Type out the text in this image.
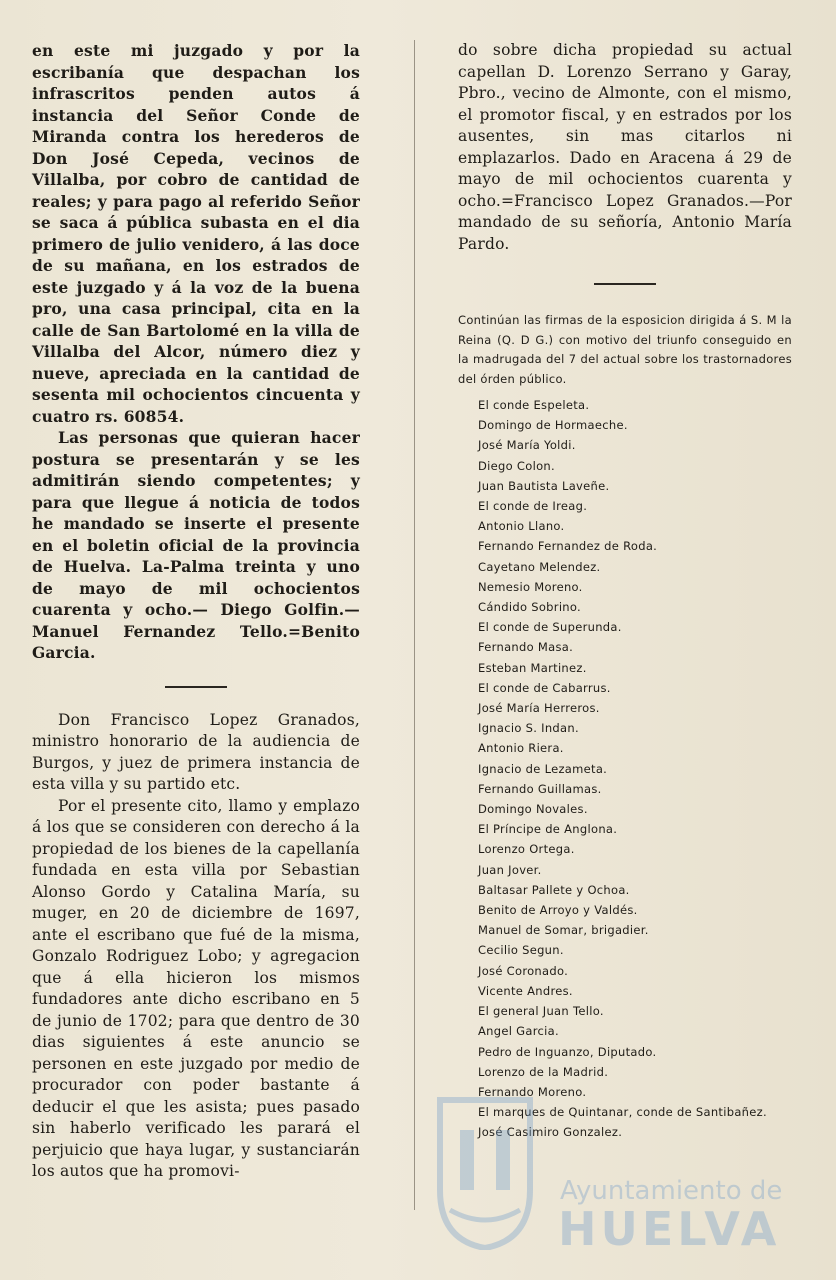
en este mi juzgado y por la escribanía que despachan los infrascritos penden autos á instancia del Señor Conde de Miranda contra los herederos de Don José Cepeda, vecinos de Villalba, por cobro de cantidad de reales; y para pago al referido Señor se saca á pública subasta en el dia primero de julio venidero, á las doce de su mañana, en los estrados de este juzgado y á la voz de la buena pro, una casa principal, cita en la calle de San Bartolomé en la villa de Villalba del Alcor, número diez y nueve, apreciada en la cantidad de sesenta mil ochocientos cincuenta y cuatro rs. 60854.

Las personas que quieran hacer postura se presentarán y se les admitirán siendo competentes; y para que llegue á noticia de todos he mandado se inserte el presente en el boletin oficial de la provincia de Huelva. La-Palma treinta y uno de mayo de mil ochocientos cuarenta y ocho.— Diego Golfin.—Manuel Fernandez Tello.=Benito Garcia.

Don Francisco Lopez Granados, ministro honorario de la audiencia de Burgos, y juez de primera instancia de esta villa y su partido etc.

Por el presente cito, llamo y emplazo á los que se consideren con derecho á la propiedad de los bienes de la capellanía fundada en esta villa por Sebastian Alonso Gordo y Catalina María, su muger, en 20 de diciembre de 1697, ante el escribano que fué de la misma, Gonzalo Rodriguez Lobo; y agregacion que á ella hicieron los mismos fundadores ante dicho escribano en 5 de junio de 1702; para que dentro de 30 dias siguientes á este anuncio se personen en este juzgado por medio de procurador con poder bastante á deducir el que les asista; pues pasado sin haberlo verificado les parará el perjuicio que haya lugar, y sustanciarán los autos que ha promovi-

do sobre dicha propiedad su actual capellan D. Lorenzo Serrano y Garay, Pbro., vecino de Almonte, con el mismo, el promotor fiscal, y en estrados por los ausentes, sin mas citarlos ni emplazarlos. Dado en Aracena á 29 de mayo de mil ochocientos cuarenta y ocho.=Francisco Lopez Granados.—Por mandado de su señoría, Antonio María Pardo.

Continúan las firmas de la esposicion dirigida á S. M la Reina (Q. D G.) con motivo del triunfo conseguido en la madrugada del 7 del actual sobre los trastornadores del órden público.

El conde Espeleta.
Domingo de Hormaeche.
José María Yoldi.
Diego Colon.
Juan Bautista Laveñe.
El conde de Ireag.
Antonio Llano.
Fernando Fernandez de Roda.
Cayetano Melendez.
Nemesio Moreno.
Cándido Sobrino.
El conde de Superunda.
Fernando Masa.
Esteban Martinez.
El conde de Cabarrus.
José María Herreros.
Ignacio S. Indan.
Antonio Riera.
Ignacio de Lezameta.
Fernando Guillamas.
Domingo Novales.
El Príncipe de Anglona.
Lorenzo Ortega.
Juan Jover.
Baltasar Pallete y Ochoa.
Benito de Arroyo y Valdés.
Manuel de Somar, brigadier.
Cecilio Segun.
José Coronado.
Vicente Andres.
El general Juan Tello.
Angel Garcia.
Pedro de Inguanzo, Diputado.
Lorenzo de la Madrid.
Fernando Moreno.
El marques de Quintanar, conde de Santibañez.
José Casimiro Gonzalez.
Ayuntamiento de
HUELVA
